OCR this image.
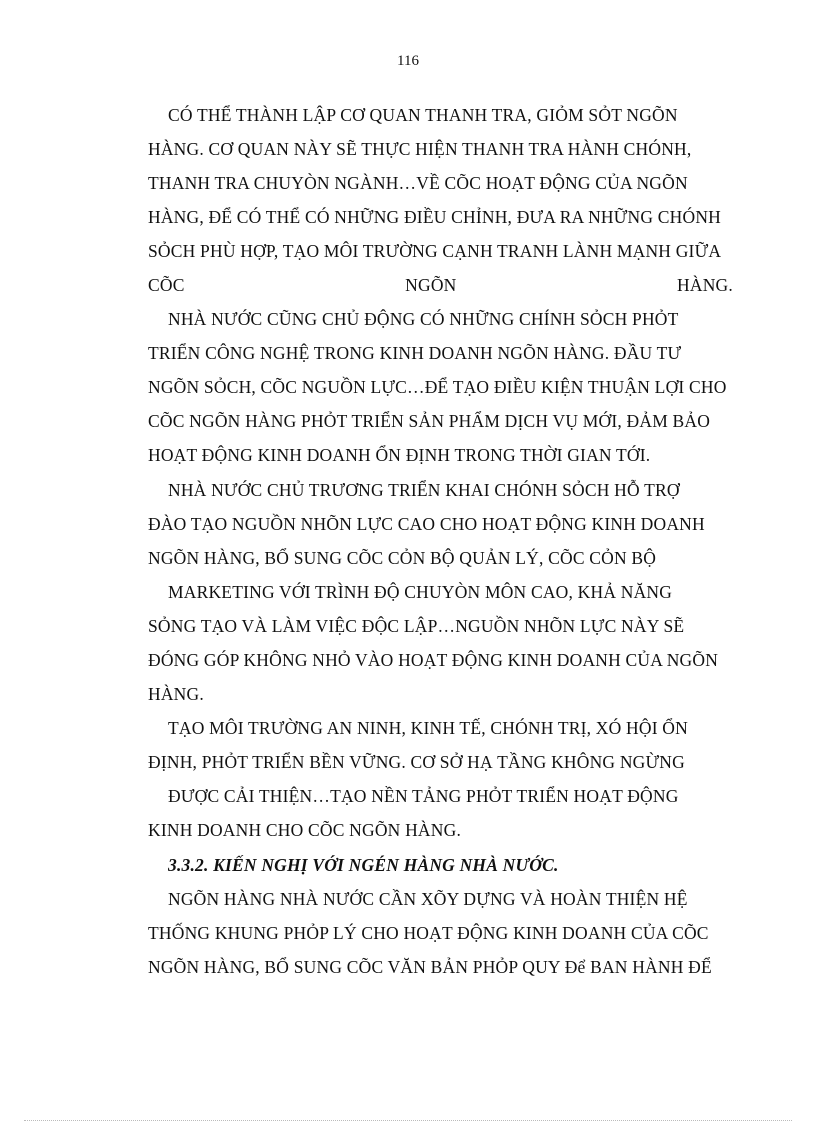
116
CÓ THỂ THÀNH LẬP CƠ QUAN THANH TRA, GIỎM SỎT NGÕN
HÀNG. CƠ QUAN NÀY SẼ THỰC HIỆN THANH TRA HÀNH CHÓNH,
THANH TRA CHUYÒN NGÀNH…VỀ CÕC HOẠT ĐỘNG CỦA NGÕN
HÀNG, ĐỂ CÓ THỂ CÓ NHỮNG ĐIỀU CHỈNH, ĐƯA RA NHỮNG CHÓNH
SỎCH PHÙ HỢP, TẠO MÔI TRƯỜNG CẠNH TRANH LÀNH MẠNH GIỮA
CÕC	NGÕN	HÀNG.
NHÀ NƯỚC CŨNG CHỦ ĐỘNG CÓ NHỮNG CHÍNH SỎCH PHỎT
TRIỂN CÔNG NGHỆ TRONG KINH DOANH NGÕN HÀNG. ĐẦU TƯ
NGÕN SỎCH, CÕC NGUỒN LỰC…ĐỂ TẠO ĐIỀU KIỆN THUẬN LỢI CHO
CÕC NGÕN HÀNG PHỎT TRIỂN SẢN PHẨM DỊCH VỤ MỚI, ĐẢM BẢO
HOẠT ĐỘNG KINH DOANH ỔN ĐỊNH TRONG THỜI GIAN TỚI.
NHÀ NƯỚC CHỦ TRƯƠNG TRIỂN KHAI CHÓNH SỎCH HỖ TRỢ
ĐÀO TẠO NGUỒN NHÕN LỰC CAO CHO HOẠT ĐỘNG KINH DOANH
NGÕN HÀNG, BỔ SUNG CÕC CỎN BỘ QUẢN LÝ, CÕC CỎN BỘ
MARKETING VỚI TRÌNH ĐỘ CHUYÒN MÔN CAO, KHẢ NĂNG
SỎNG TẠO VÀ LÀM VIỆC ĐỘC LẬP…NGUỒN NHÕN LỰC NÀY SẼ
ĐÓNG GÓP KHÔNG NHỎ VÀO HOẠT ĐỘNG KINH DOANH CỦA NGÕN
HÀNG.
TẠO MÔI TRƯỜNG AN NINH, KINH TẾ, CHÓNH TRỊ, XÓ HỘI ỔN
ĐỊNH, PHỎT TRIỂN BỀN VỮNG. CƠ SỞ HẠ TẦNG KHÔNG NGỪNG
ĐƯỢC CẢI THIỆN…TẠO NỀN TẢNG PHỎT TRIỂN HOẠT ĐỘNG
KINH DOANH CHO CÕC NGÕN HÀNG.
3.3.2. KIẾN NGHỊ VỚI NGÉN HÀNG NHÀ NƯỚC.
NGÕN HÀNG NHÀ NƯỚC CẦN XÕY DỰNG VÀ HOÀN THIỆN HỆ
THỐNG KHUNG PHỎP LÝ CHO HOẠT ĐỘNG KINH DOANH CỦA CÕC
NGÕN HÀNG, BỔ SUNG CÕC VĂN BẢN PHỎP QUY Để BAN HÀNH ĐỂ
